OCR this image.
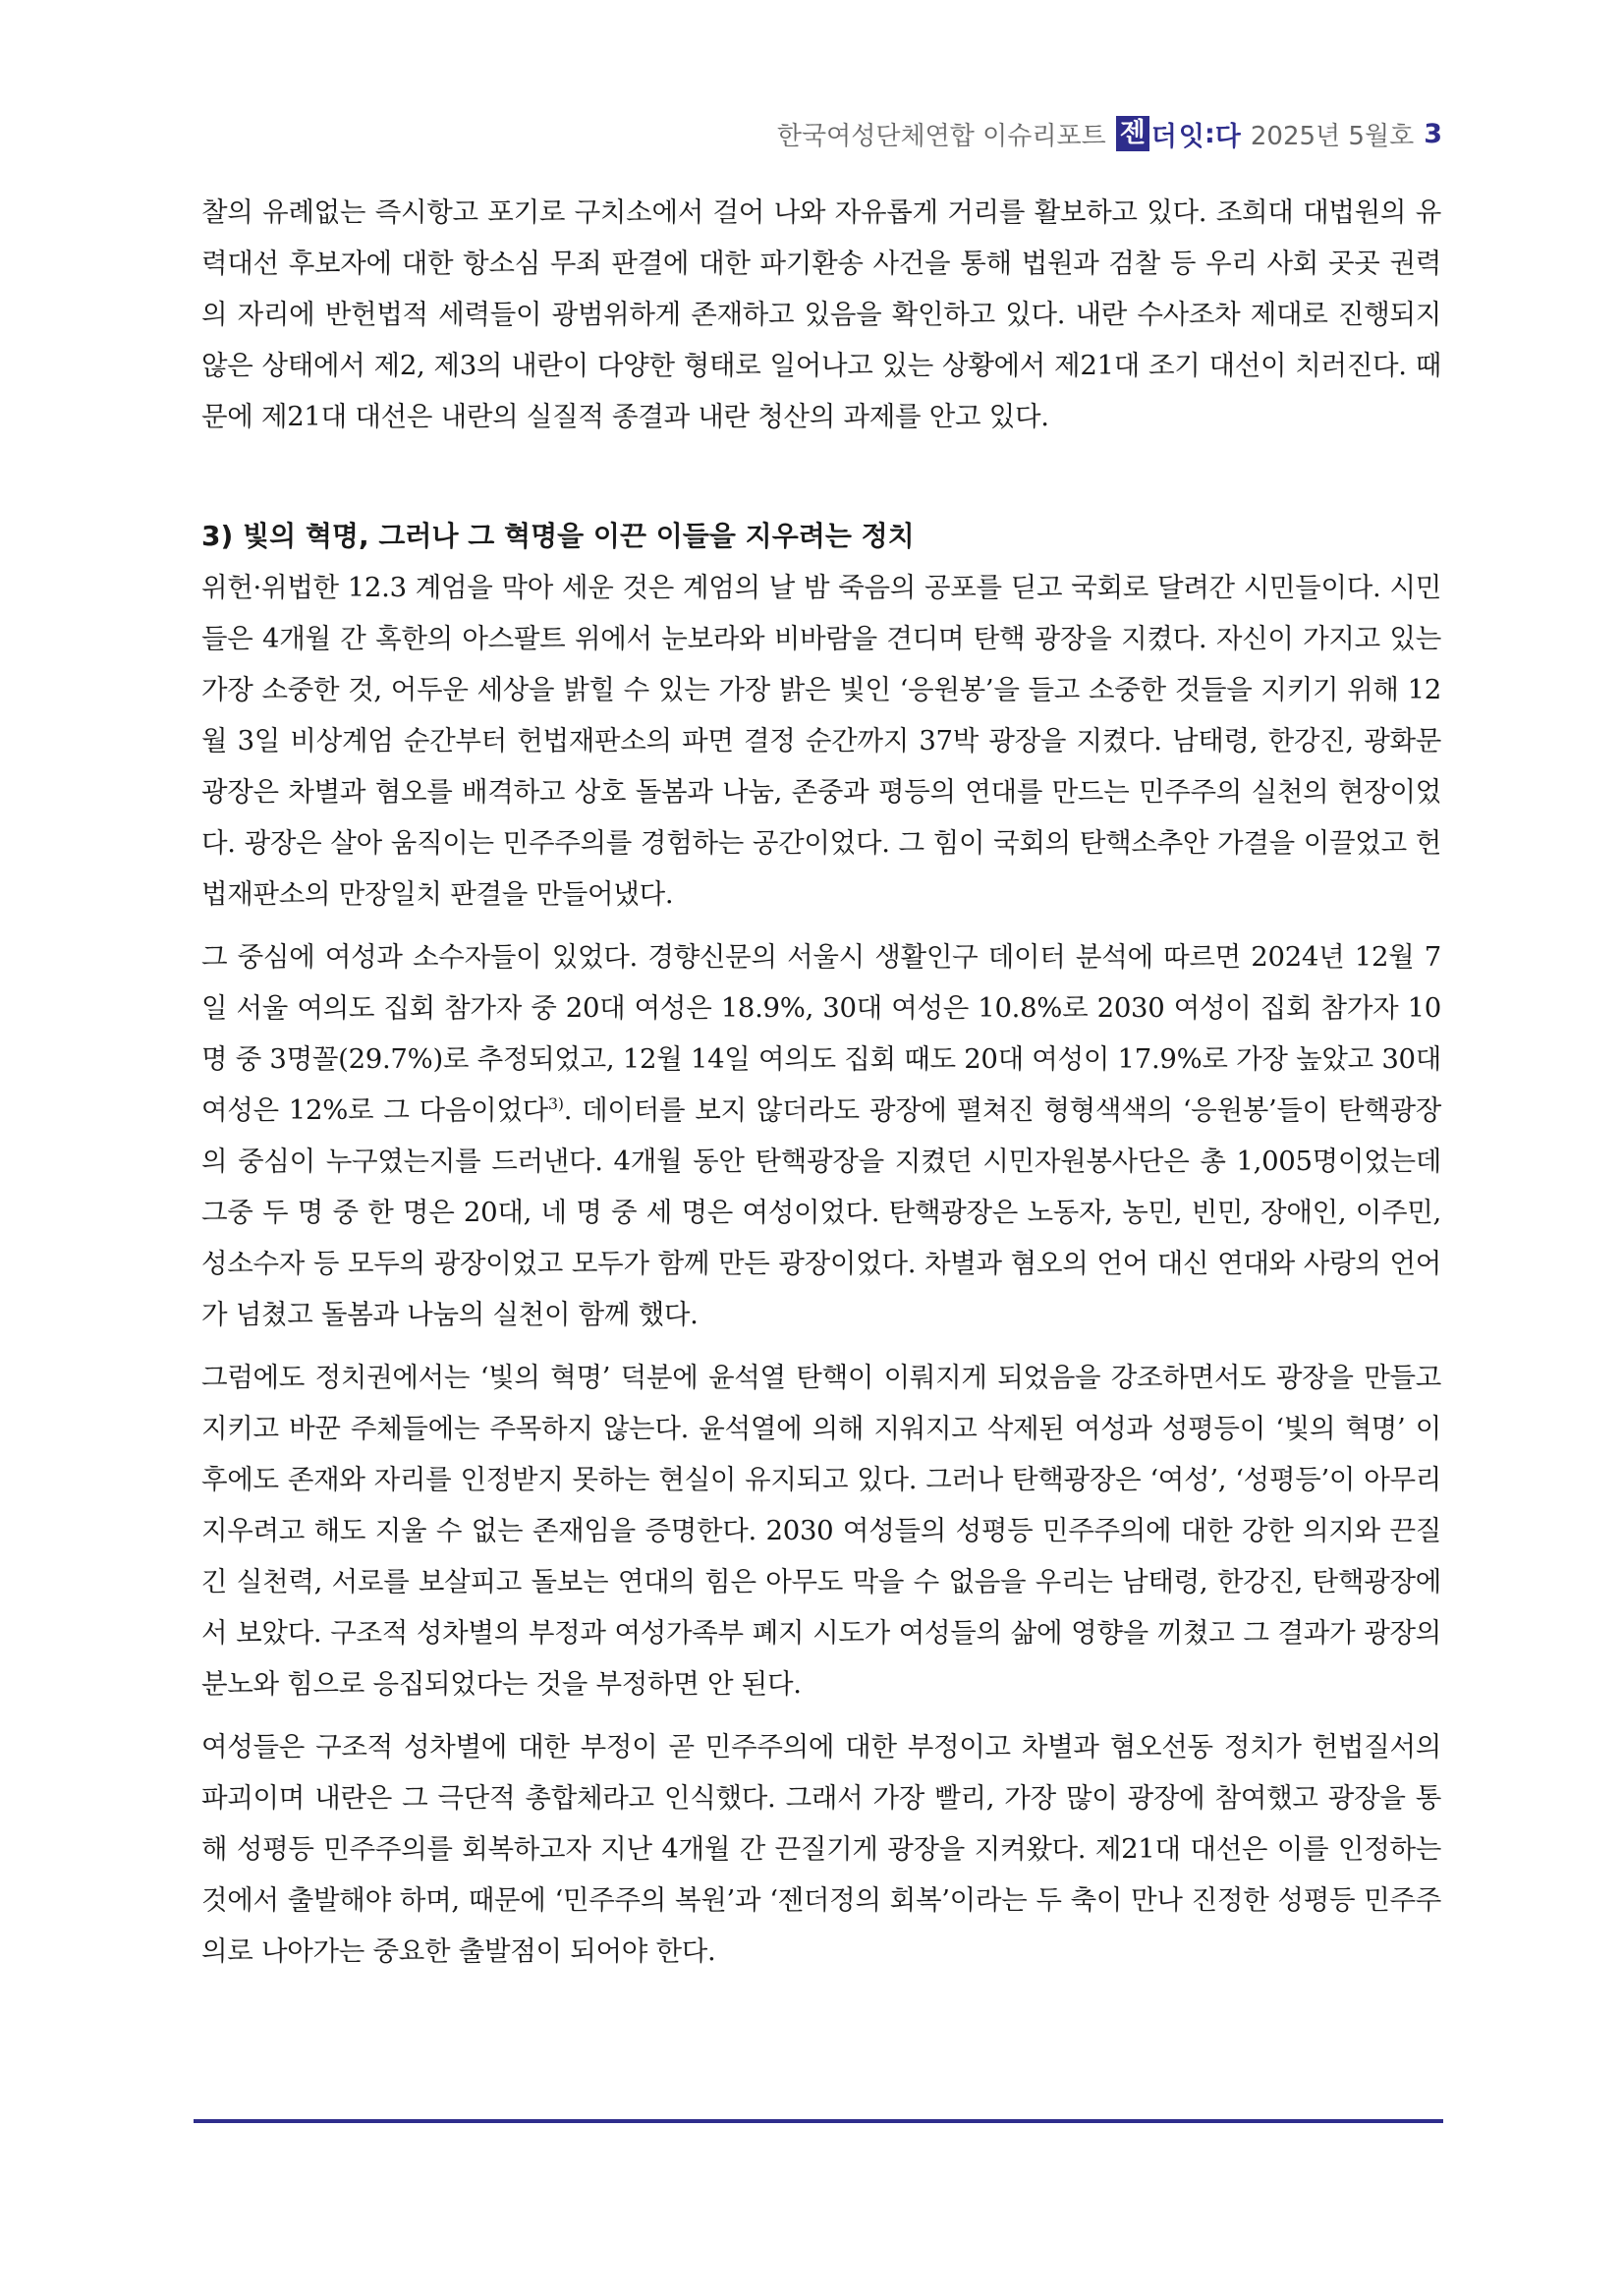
한국여성단체연합 이슈리포트 젠 더 잇 : 다 2025년 5월호 3

찰의 유례없는 즉시항고 포기로 구치소에서 걸어 나와 자유롭게 거리를 활보하고 있다. 조희대 대법원의 유력대선 후보자에 대한 항소심 무죄 판결에 대한 파기환송 사건을 통해 법원과 검찰 등 우리 사회 곳곳 권력의 자리에 반헌법적 세력들이 광범위하게 존재하고 있음을 확인하고 있다. 내란 수사조차 제대로 진행되지 않은 상태에서 제2, 제3의 내란이 다양한 형태로 일어나고 있는 상황에서 제21대 조기 대선이 치러진다. 때문에 제21대 대선은 내란의 실질적 종결과 내란 청산의 과제를 안고 있다.

3) 빛의 혁명, 그러나 그 혁명을 이끈 이들을 지우려는 정치

위헌·위법한 12.3 계엄을 막아 세운 것은 계엄의 날 밤 죽음의 공포를 딛고 국회로 달려간 시민들이다. 시민들은 4개월 간 혹한의 아스팔트 위에서 눈보라와 비바람을 견디며 탄핵 광장을 지켰다. 자신이 가지고 있는 가장 소중한 것, 어두운 세상을 밝힐 수 있는 가장 밝은 빛인 ‘응원봉’을 들고 소중한 것들을 지키기 위해 12월 3일 비상계엄 순간부터 헌법재판소의 파면 결정 순간까지 37박 광장을 지켰다. 남태령, 한강진, 광화문 광장은 차별과 혐오를 배격하고 상호 돌봄과 나눔, 존중과 평등의 연대를 만드는 민주주의 실천의 현장이었다. 광장은 살아 움직이는 민주주의를 경험하는 공간이었다. 그 힘이 국회의 탄핵소추안 가결을 이끌었고 헌법재판소의 만장일치 판결을 만들어냈다.

그 중심에 여성과 소수자들이 있었다. 경향신문의 서울시 생활인구 데이터 분석에 따르면 2024년 12월 7일 서울 여의도 집회 참가자 중 20대 여성은 18.9%, 30대 여성은 10.8%로 2030 여성이 집회 참가자 10명 중 3명꼴(29.7%)로 추정되었고, 12월 14일 여의도 집회 때도 20대 여성이 17.9%로 가장 높았고 30대 여성은 12%로 그 다음이었다$^{3)}$. 데이터를 보지 않더라도 광장에 펼쳐진 형형색색의 ‘응원봉’들이 탄핵광장의 중심이 누구였는지를 드러낸다. 4개월 동안 탄핵광장을 지켰던 시민자원봉사단은 총 1,005명이었는데 그중 두 명 중 한 명은 20대, 네 명 중 세 명은 여성이었다. 탄핵광장은 노동자, 농민, 빈민, 장애인, 이주민, 성소수자 등 모두의 광장이었고 모두가 함께 만든 광장이었다. 차별과 혐오의 언어 대신 연대와 사랑의 언어가 넘쳤고 돌봄과 나눔의 실천이 함께 했다.

그럼에도 정치권에서는 ‘빛의 혁명’ 덕분에 윤석열 탄핵이 이뤄지게 되었음을 강조하면서도 광장을 만들고 지키고 바꾼 주체들에는 주목하지 않는다. 윤석열에 의해 지워지고 삭제된 여성과 성평등이 ‘빛의 혁명’ 이후에도 존재와 자리를 인정받지 못하는 현실이 유지되고 있다. 그러나 탄핵광장은 ‘여성’, ‘성평등’이 아무리 지우려고 해도 지울 수 없는 존재임을 증명한다. 2030 여성들의 성평등 민주주의에 대한 강한 의지와 끈질긴 실천력, 서로를 보살피고 돌보는 연대의 힘은 아무도 막을 수 없음을 우리는 남태령, 한강진, 탄핵광장에서 보았다. 구조적 성차별의 부정과 여성가족부 폐지 시도가 여성들의 삶에 영향을 끼쳤고 그 결과가 광장의 분노와 힘으로 응집되었다는 것을 부정하면 안 된다.

여성들은 구조적 성차별에 대한 부정이 곧 민주주의에 대한 부정이고 차별과 혐오선동 정치가 헌법질서의 파괴이며 내란은 그 극단적 총합체라고 인식했다. 그래서 가장 빨리, 가장 많이 광장에 참여했고 광장을 통해 성평등 민주주의를 회복하고자 지난 4개월 간 끈질기게 광장을 지켜왔다. 제21대 대선은 이를 인정하는 것에서 출발해야 하며, 때문에 ‘민주주의 복원’과 ‘젠더정의 회복’이라는 두 축이 만나 진정한 성평등 민주주의로 나아가는 중요한 출발점이 되어야 한다.
